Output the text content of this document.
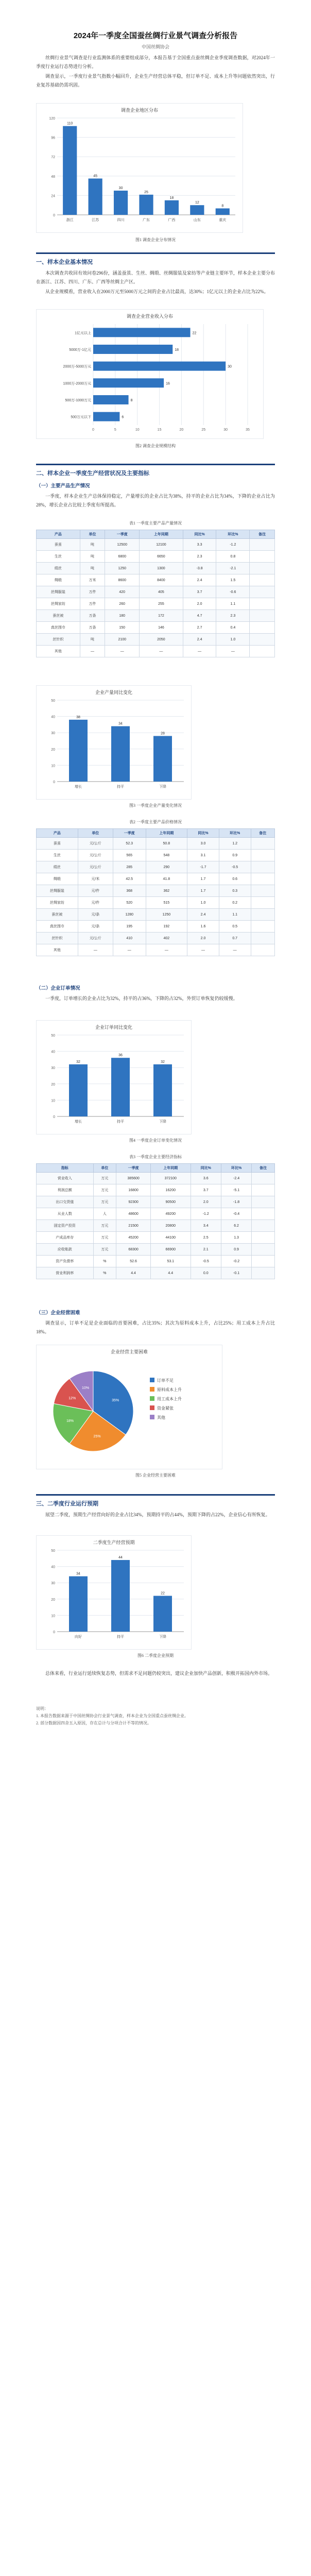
2024年一季度全国蚕丝绸行业景气调查分析报告
中国丝绸协会

丝绸行业景气调查是行业监测体系的重要组成部分，本报告基于全国重点蚕丝绸企业季度调查数据，对2024年一季度行业运行态势进行分析。

调查显示，一季度行业景气指数小幅回升，企业生产经营总体平稳，但订单不足、成本上升等问题依然突出，行业复苏基础仍需巩固。

调查企业地区分布
0
24
48
72
96
120
110
浙江
45
江苏
30
四川
25
广东
18
广西
12
山东
8
重庆
图1 调查企业分布情况
一、样本企业基本情况

本次调查共收回有效问卷296份，涵盖蚕茧、生丝、绸缎、丝绸服装及家纺等产业链主要环节，样本企业主要分布在浙江、江苏、四川、广东、广西等丝绸主产区。

从企业规模看，营业收入在2000万元至5000万元之间的企业占比最高，达30%；1亿元以上的企业占比为22%。

调查企业营业收入分布
0	5	10	15	20	25	30	35
22
1亿元以上
18
5000万-1亿元
30
2000万-5000万元
16
1000万-2000万元
8
500万-1000万元
6
500万元以下
图2 调查企业规模结构
二、样本企业一季度生产经营状况及主要指标
（一）主要产品生产情况

一季度，样本企业生产总体保持稳定，产量增长的企业占比为38%，持平的企业占比为34%，下降的企业占比为28%，增长企业占比较上季度有所提高。

表1 一季度主要产品产量情况
产品	单位	一季度	上年同期	同比%	环比%	备注
蚕茧	吨	12500	12100	3.3	-1.2	
生丝	吨	6800	6650	2.3	0.8	
绢丝	吨	1250	1300	-3.8	-2.1	
绸缎	万米	8600	8400	2.4	1.5	
丝绸服装	万件	420	405	3.7	-0.6	
丝绸家纺	万件	260	255	2.0	1.1	
蚕丝被	万条	180	172	4.7	2.3	
真丝围巾	万条	150	146	2.7	0.4	
丝针织	吨	2100	2050	2.4	1.0	
其他	—	—	—	—	—	
企业产量同比变化
0
10
20
30
40
50
38
增长
34
持平
28
下降
图3 一季度企业产量变化情况
表2 一季度主要产品价格情况
产品	单位	一季度	上年同期	同比%	环比%	备注
蚕茧	元/公斤	52.3	50.8	3.0	1.2	
生丝	元/公斤	565	548	3.1	0.9	
绢丝	元/公斤	285	290	-1.7	-0.5	
绸缎	元/米	42.5	41.8	1.7	0.6	
丝绸服装	元/件	368	362	1.7	0.3	
丝绸家纺	元/件	520	515	1.0	0.2	
蚕丝被	元/条	1280	1250	2.4	1.1	
真丝围巾	元/条	195	192	1.6	0.5	
丝针织	元/公斤	410	402	2.0	0.7	
其他	—	—	—	—	—	
（二）企业订单情况

一季度，订单增长的企业占比为32%，持平的占36%，下降的占32%，外贸订单恢复仍较缓慢。

企业订单同比变化
0
10
20
30
40
50
32
增长
36
持平
32
下降
图4 一季度企业订单变化情况
表3 一季度企业主要经济指标
指标	单位	一季度	上年同期	同比%	环比%	备注
营业收入	万元	385600	372100	3.6	-2.4	
利润总额	万元	16800	16200	3.7	-5.1	
出口交货值	万元	92300	90500	2.0	-1.8	
从业人数	人	48600	49200	-1.2	-0.4	
固定资产投资	万元	21500	20800	3.4	6.2	
产成品库存	万元	45200	44100	2.5	1.3	
应收账款	万元	68300	66900	2.1	0.9	
资产负债率	%	52.6	53.1	-0.5	-0.2	
营业利润率	%	4.4	4.4	0.0	-0.1	
（三）企业经营困难

调查显示，订单不足是企业面临的首要困难，占比35%；其次为原料成本上升，占比25%；用工成本上升占比18%。

企业经营主要困难
35%
25%
18%
12%
10%
订单不足
原料成本上升
用工成本上升
资金紧张
其他
图5 企业经营主要困难
三、二季度行业运行预期

展望二季度，预期生产经营向好的企业占比34%，预期持平的占44%，预期下降的占22%，企业信心有所恢复。

二季度生产经营预期
0
10
20
30
40
50
34
向好
44
持平
22
下降
图6 二季度企业预期

总体来看，行业运行延续恢复态势，但需求不足问题仍较突出，建议企业加快产品创新，积极开拓国内外市场。

说明：
1. 本报告数据来源于中国丝绸协会行业景气调查，样本企业为全国重点蚕丝绸企业。
2. 部分数据因四舍五入原因，存在总计与分项合计不等的情况。
